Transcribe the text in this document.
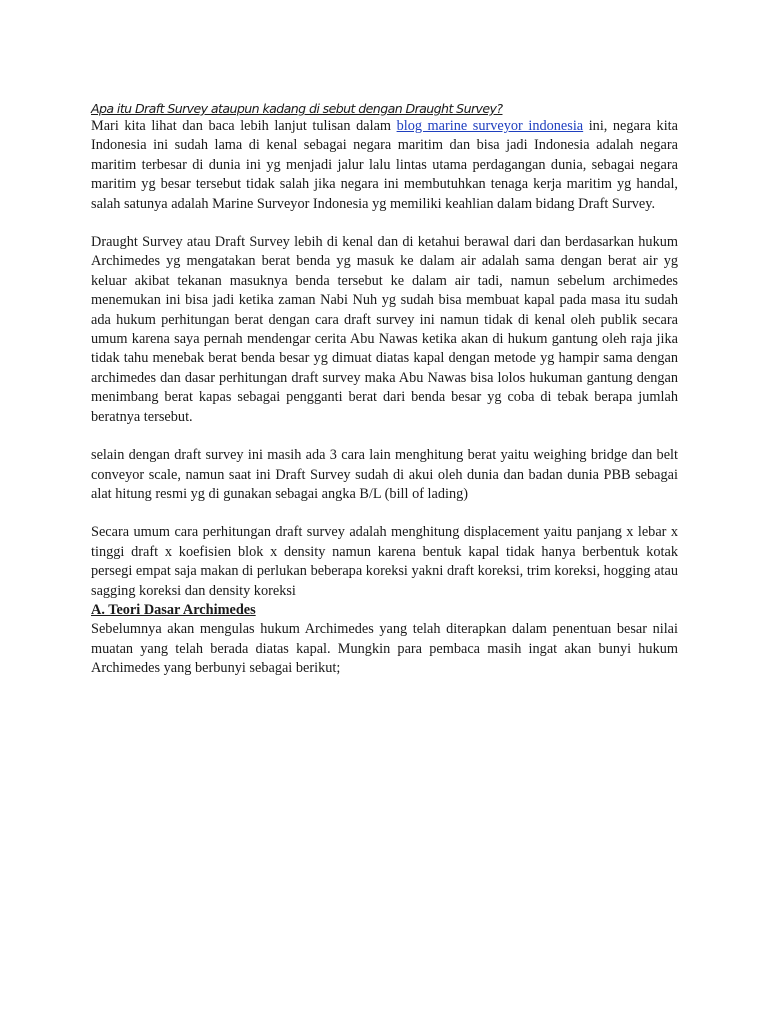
Apa itu Draft Survey ataupun kadang di sebut dengan Draught Survey?

Mari kita lihat dan baca lebih lanjut tulisan dalam blog marine surveyor indonesia ini, negara kita Indonesia ini sudah lama di kenal sebagai negara maritim dan bisa jadi Indonesia adalah negara maritim terbesar di dunia ini yg menjadi jalur lalu lintas utama perdagangan dunia, sebagai negara maritim yg besar tersebut tidak salah jika negara ini membutuhkan tenaga kerja maritim yg handal, salah satunya adalah Marine Surveyor Indonesia yg memiliki keahlian dalam bidang Draft Survey.

Draught Survey atau Draft Survey lebih di kenal dan di ketahui berawal dari dan berdasarkan hukum Archimedes yg mengatakan berat benda yg masuk ke dalam air adalah sama dengan berat air yg keluar akibat tekanan masuknya benda tersebut ke dalam air tadi, namun sebelum archimedes menemukan ini bisa jadi ketika zaman Nabi Nuh yg sudah bisa membuat kapal pada masa itu sudah ada hukum perhitungan berat dengan cara draft survey ini namun tidak di kenal oleh publik secara umum karena saya pernah mendengar cerita Abu Nawas ketika akan di hukum gantung oleh raja jika tidak tahu menebak berat benda besar yg dimuat diatas kapal dengan metode yg hampir sama dengan archimedes dan dasar perhitungan draft survey maka Abu Nawas bisa lolos hukuman gantung dengan menimbang berat kapas sebagai pengganti berat dari benda besar yg coba di tebak berapa jumlah beratnya tersebut.

selain dengan draft survey ini masih ada 3 cara lain menghitung berat yaitu weighing bridge dan belt conveyor scale, namun saat ini Draft Survey sudah di akui oleh dunia dan badan dunia PBB sebagai alat hitung resmi yg di gunakan sebagai angka B/L (bill of lading)

Secara umum cara perhitungan draft survey adalah menghitung displacement yaitu panjang x lebar x tinggi draft x koefisien blok x density namun karena bentuk kapal tidak hanya berbentuk kotak persegi empat saja makan di perlukan beberapa koreksi yakni draft koreksi, trim koreksi, hogging atau sagging koreksi dan density koreksi

A. Teori Dasar Archimedes

Sebelumnya akan mengulas hukum Archimedes yang telah diterapkan dalam penentuan besar nilai muatan yang telah berada diatas kapal. Mungkin para pembaca masih ingat akan bunyi hukum Archimedes yang berbunyi sebagai berikut;
